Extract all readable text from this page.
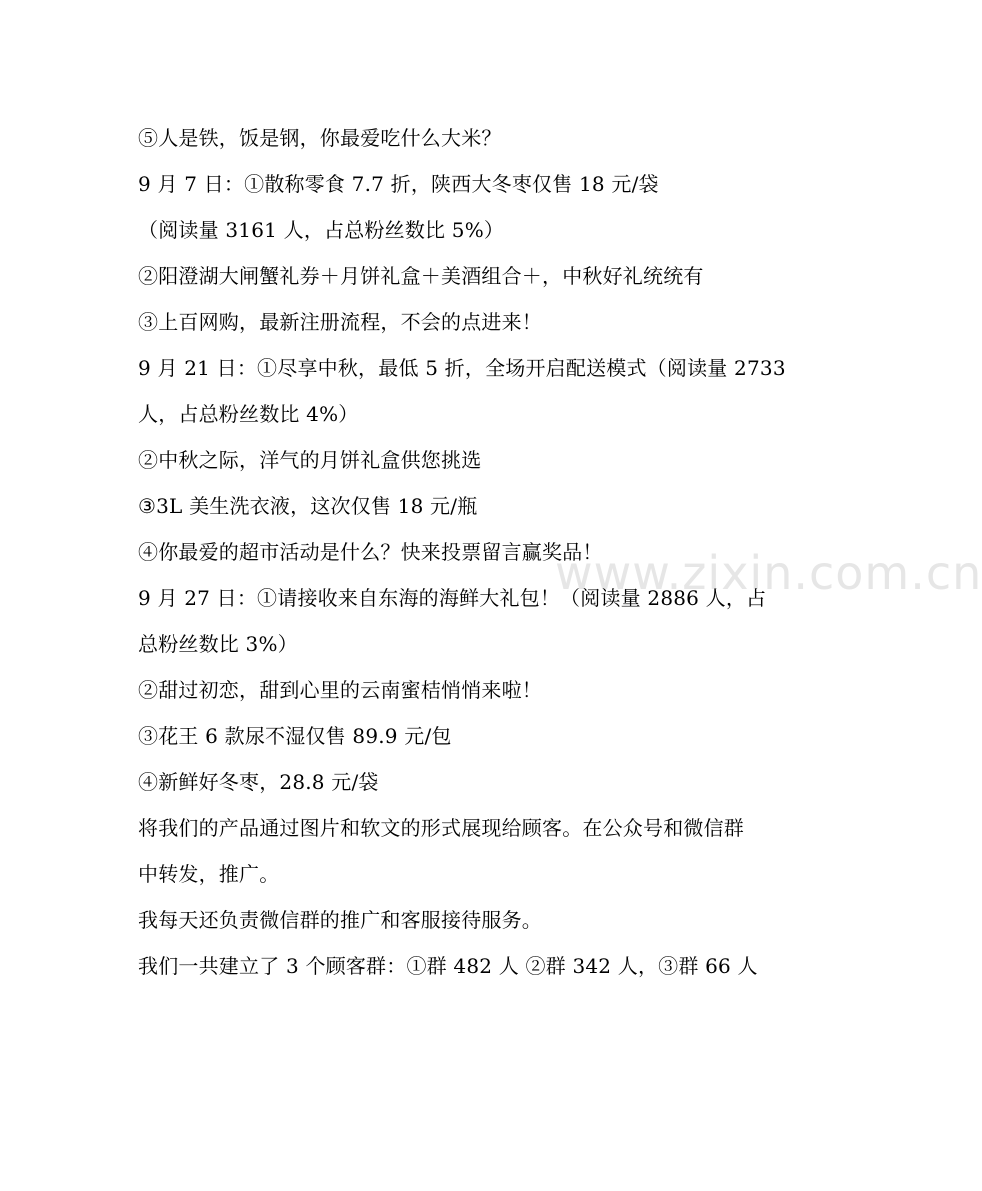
www.zixin.com.cn
⑤人是铁，饭是钢，你最爱吃什么大米？
9 月 7 日：①散称零食 7.7 折，陕西大冬枣仅售 18 元/袋
（阅读量 3161 人，占总粉丝数比 5%）
②阳澄湖大闸蟹礼券＋月饼礼盒＋美酒组合＋，中秋好礼统统有
③上百网购，最新注册流程，不会的点进来！
9 月 21 日：①尽享中秋，最低 5 折，全场开启配送模式（阅读量 2733
人，占总粉丝数比 4%）
②中秋之际，洋气的月饼礼盒供您挑选
③3L 美生洗衣液，这次仅售 18 元/瓶
④你最爱的超市活动是什么？快来投票留言赢奖品！
9 月 27 日：①请接收来自东海的海鲜大礼包！（阅读量 2886 人，占
总粉丝数比 3%）
②甜过初恋，甜到心里的云南蜜桔悄悄来啦！
③花王 6 款尿不湿仅售 89.9 元/包
④新鲜好冬枣，28.8 元/袋
将我们的产品通过图片和软文的形式展现给顾客。在公众号和微信群
中转发，推广。
我每天还负责微信群的推广和客服接待服务。
我们一共建立了 3 个顾客群：①群 482 人 ②群 342 人，③群 66 人
